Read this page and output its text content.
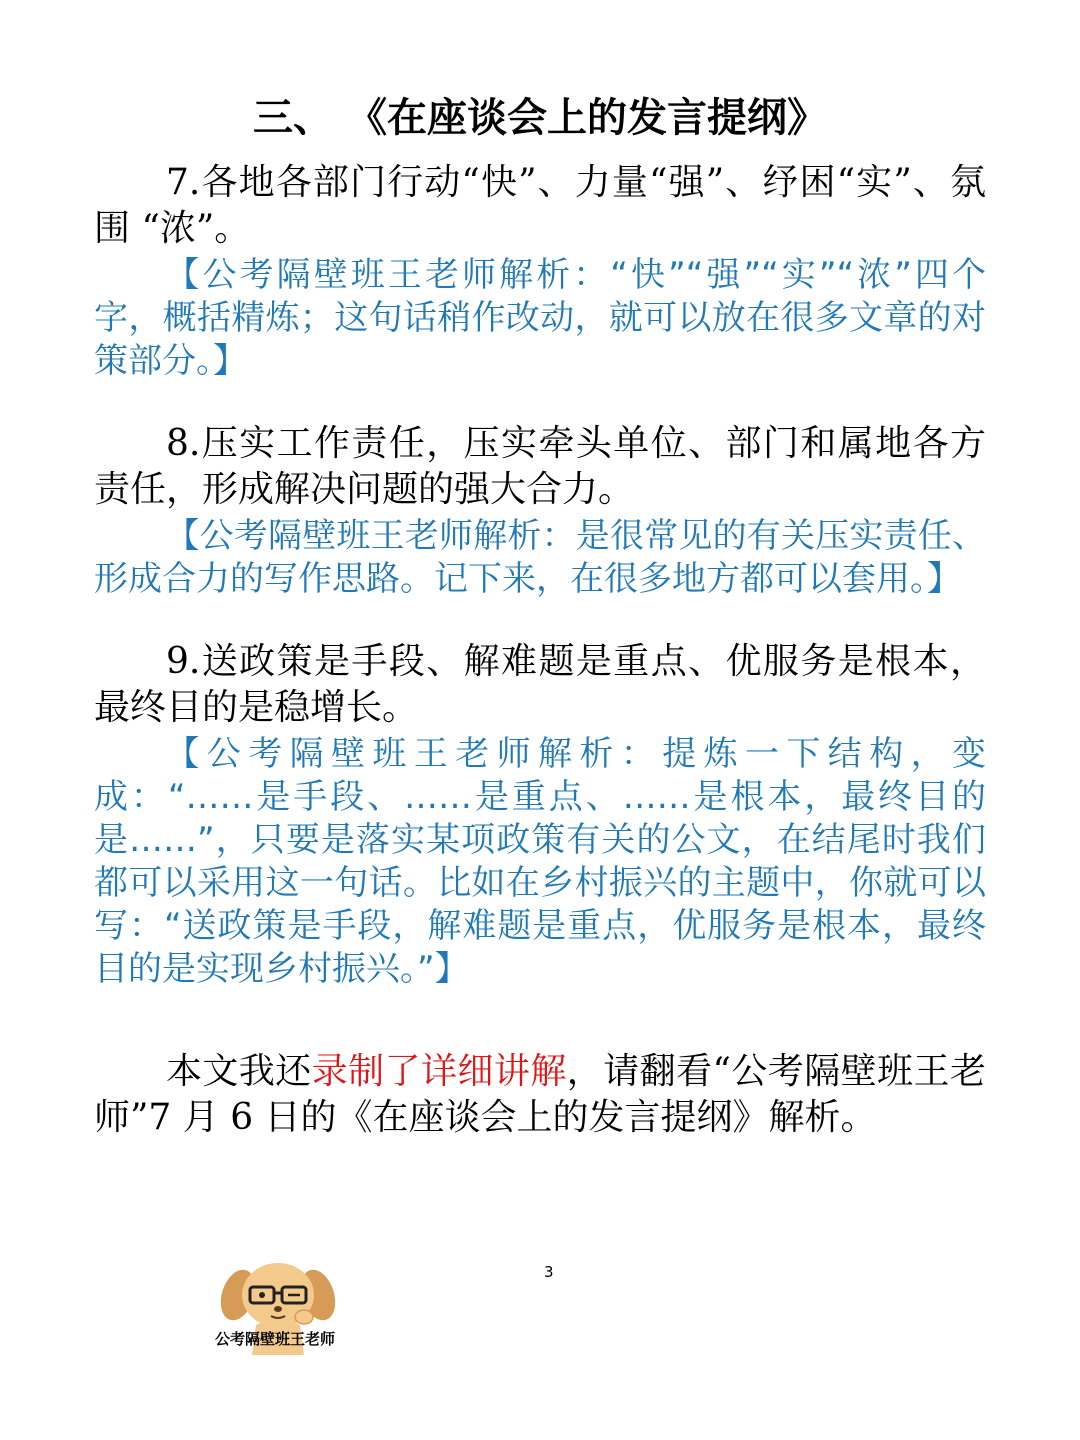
三、 《在座谈会上的发言提纲》

7.各地各部门行动“快”、力量“强”、纾困“实”、氛围 “浓”。

【公考隔壁班王老师解析：“快”“强”“实”“浓”四个字，概括精炼；这句话稍作改动，就可以放在很多文章的对策部分。】

8.压实工作责任，压实牵头单位、部门和属地各方责任，形成解决问题的强大合力。

【公考隔壁班王老师解析：是很常见的有关压实责任、形成合力的写作思路。记下来，在很多地方都可以套用。】

9.送政策是手段、解难题是重点、优服务是根本，最终目的是稳增长。

【公考隔壁班王老师解析：提炼一下结构，变成：“……是手段、……是重点、……是根本，最终目的是……”，只要是落实某项政策有关的公文，在结尾时我们都可以采用这一句话。比如在乡村振兴的主题中，你就可以写：“送政策是手段，解难题是重点，优服务是根本，最终目的是实现乡村振兴。”】

本文我还录制了详细讲解，请翻看“公考隔壁班王老师”7 月 6 日的《在座谈会上的发言提纲》解析。

公考隔壁班王老师
3
